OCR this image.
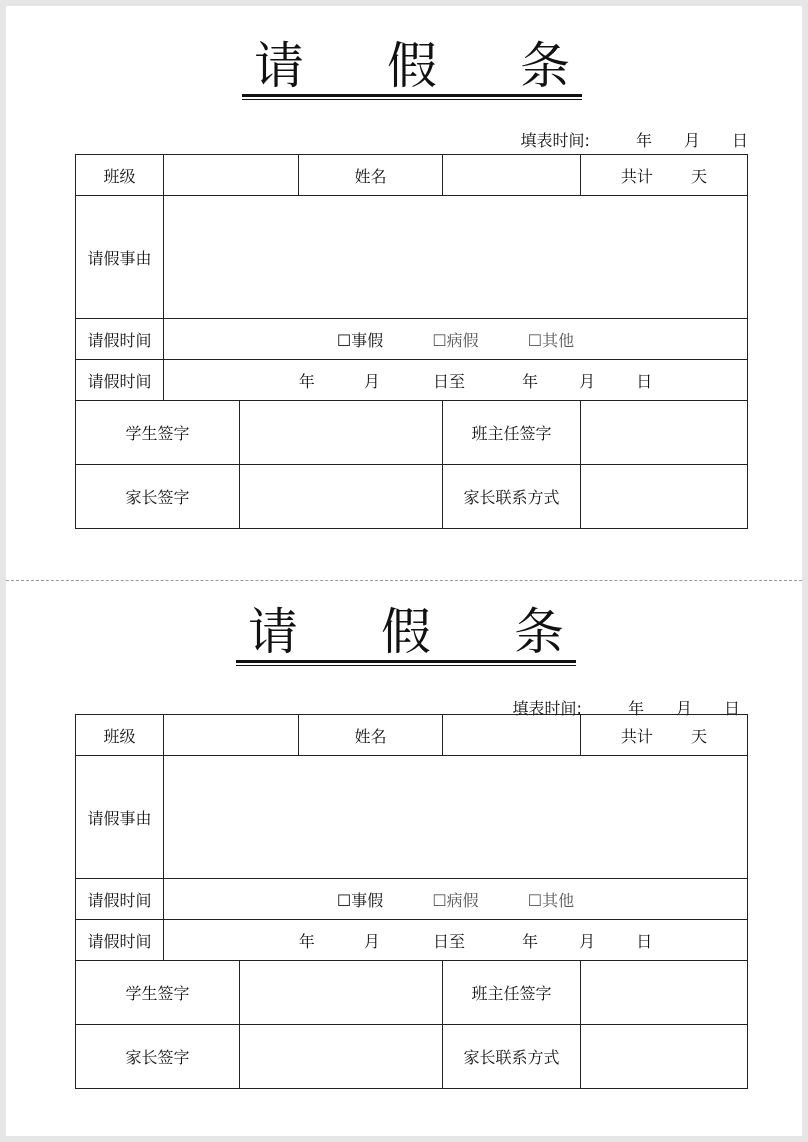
请 假 条
填表时间:	年 月 日
班级			姓名		共计 天
请假事由					
请假时间	☐事假 ☐病假 ☐其他				
请假时间	年 月 日至 年 月 日				
学生签字				班主任签字	
家长签字				家长联系方式	
请 假 条
填表时间:	年 月 日
班级			姓名		共计 天
请假事由					
请假时间	☐事假 ☐病假 ☐其他				
请假时间	年 月 日至 年 月 日				
学生签字				班主任签字	
家长签字				家长联系方式	
